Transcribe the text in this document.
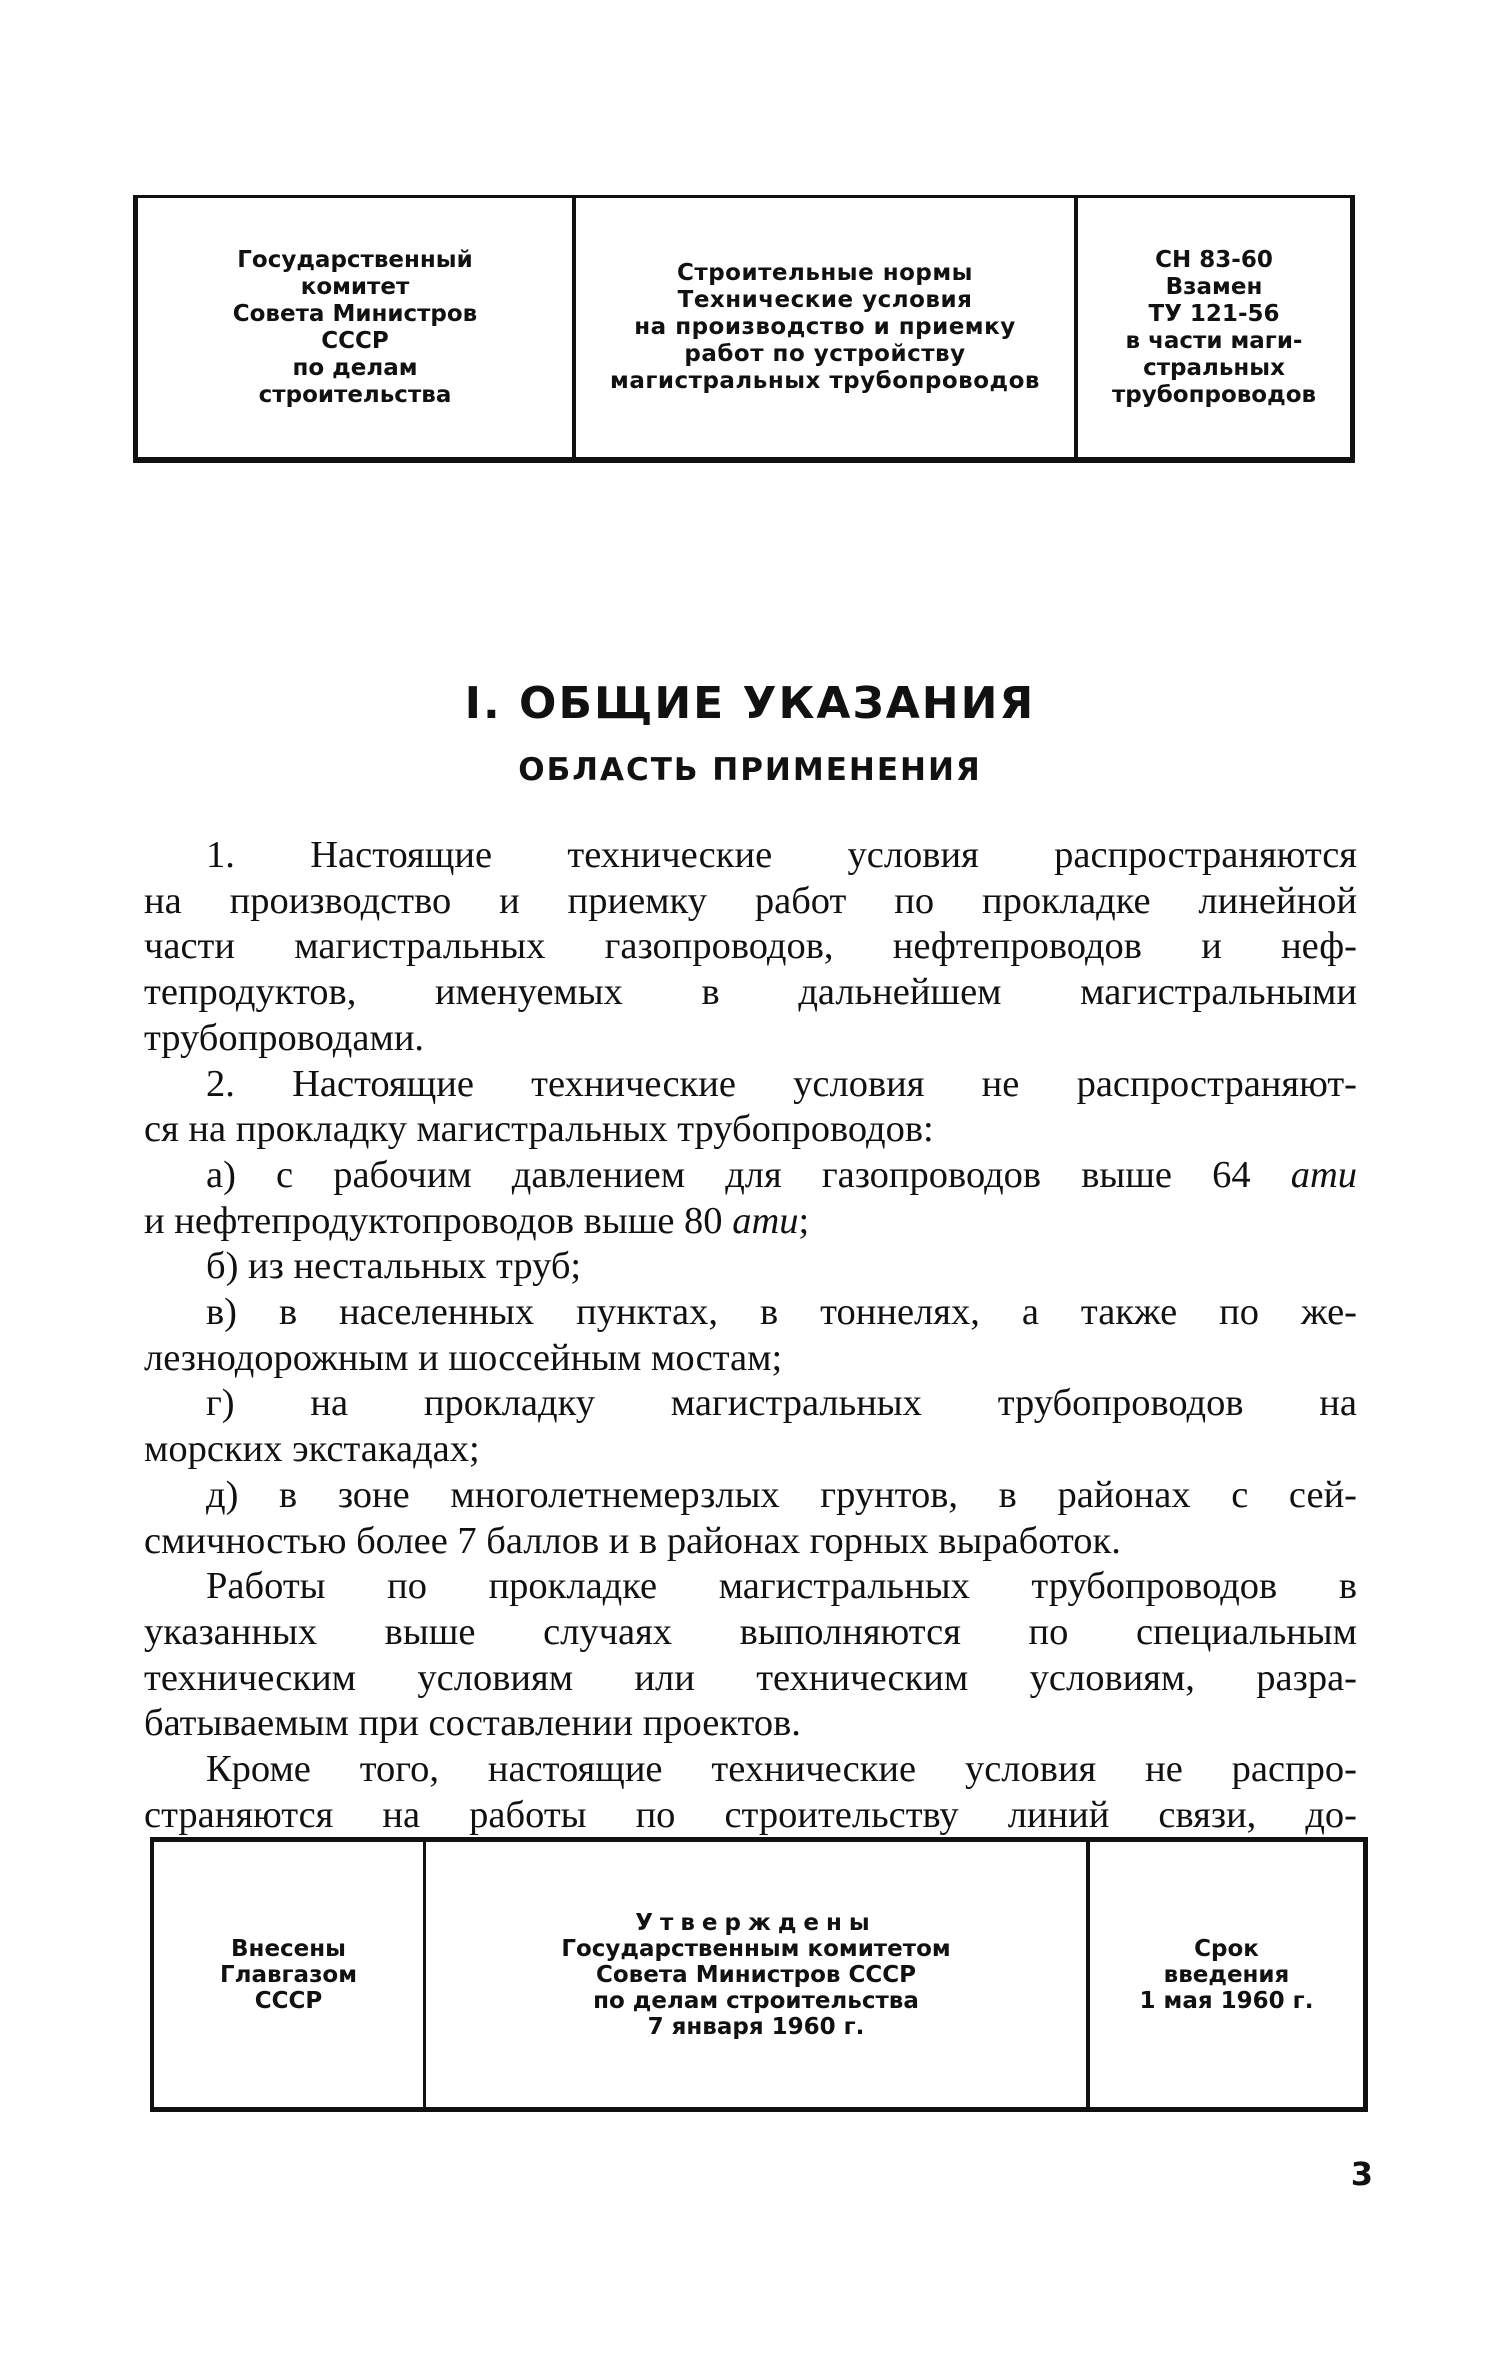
Государственный
комитет
Совета Министров
СССР
по делам
строительства
Строительные нормы
Технические условия
на производство и приемку
работ по устройству
магистральных трубопроводов
СН 83-60
Взамен
ТУ 121-56
в части маги-
стральных
трубопроводов
I. ОБЩИЕ УКАЗАНИЯ
ОБЛАСТЬ ПРИМЕНЕНИЯ
1. Настоящие технические условия распространяются
на производство и приемку работ по прокладке линейной
части магистральных газопроводов, нефтепроводов и неф-
тепродуктов, именуемых в дальнейшем магистральными
трубопроводами.
2. Настоящие технические условия не распространяют-
ся на прокладку магистральных трубопроводов:
а) с рабочим давлением для газопроводов выше 64 ати
и нефтепродуктопроводов выше 80 ати;
б) из нестальных труб;
в) в населенных пунктах, в тоннелях, а также по же-
лезнодорожным и шоссейным мостам;
г) на прокладку магистральных трубопроводов на
морских экстакадах;
д) в зоне многолетнемерзлых грунтов, в районах с сей-
смичностью более 7 баллов и в районах горных выработок.
Работы по прокладке магистральных трубопроводов в
указанных выше случаях выполняются по специальным
техническим условиям или техническим условиям, разра-
батываемым при составлении проектов.
Кроме того, настоящие технические условия не распро-
страняются на работы по строительству линий связи, до-
Внесены
Главгазом
СССР
Утверждены
Государственным комитетом
Совета Министров СССР
по делам строительства
7 января 1960 г.
Срок
введения
1 мая 1960 г.
3
